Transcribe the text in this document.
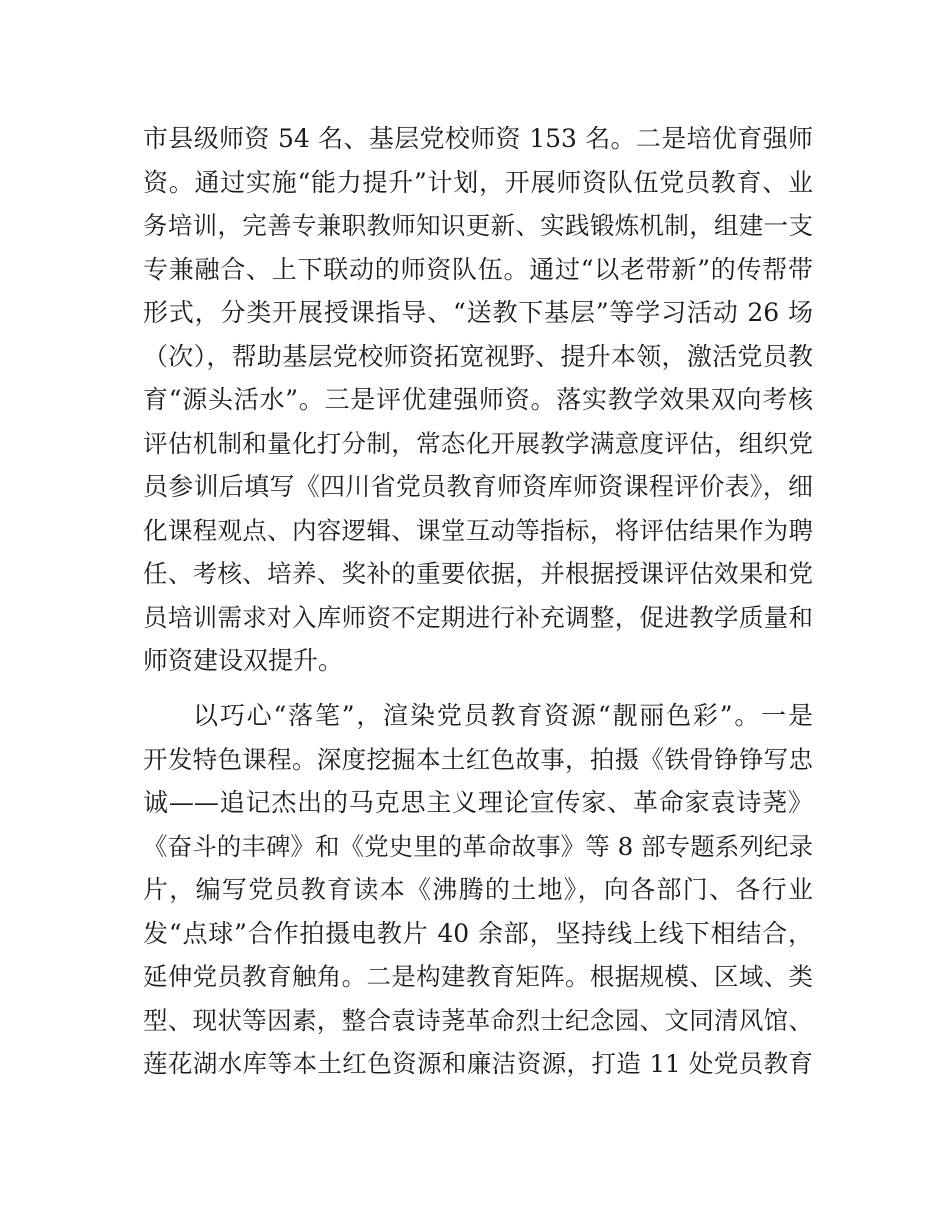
市县级师资 54 名、基层党校师资 153 名。二是培优育强师
资。通过实施“能力提升”计划，开展师资队伍党员教育、业
务培训，完善专兼职教师知识更新、实践锻炼机制，组建一支
专兼融合、上下联动的师资队伍。通过“以老带新”的传帮带
形式，分类开展授课指导、“送教下基层”等学习活动 26 场
（次），帮助基层党校师资拓宽视野、提升本领，激活党员教
育“源头活水”。三是评优建强师资。落实教学效果双向考核
评估机制和量化打分制，常态化开展教学满意度评估，组织党
员参训后填写《四川省党员教育师资库师资课程评价表》，细
化课程观点、内容逻辑、课堂互动等指标，将评估结果作为聘
任、考核、培养、奖补的重要依据，并根据授课评估效果和党
员培训需求对入库师资不定期进行补充调整，促进教学质量和
师资建设双提升。
以巧心“落笔”，渲染党员教育资源“靓丽色彩”。一是
开发特色课程。深度挖掘本土红色故事，拍摄《铁骨铮铮写忠
诚——追记杰出的马克思主义理论宣传家、革命家袁诗荛》
《奋斗的丰碑》和《党史里的革命故事》等 8 部专题系列纪录
片，编写党员教育读本《沸腾的土地》，向各部门、各行业
发“点球”合作拍摄电教片 40 余部，坚持线上线下相结合，
延伸党员教育触角。二是构建教育矩阵。根据规模、区域、类
型、现状等因素，整合袁诗荛革命烈士纪念园、文同清风馆、
莲花湖水库等本土红色资源和廉洁资源，打造 11 处党员教育
